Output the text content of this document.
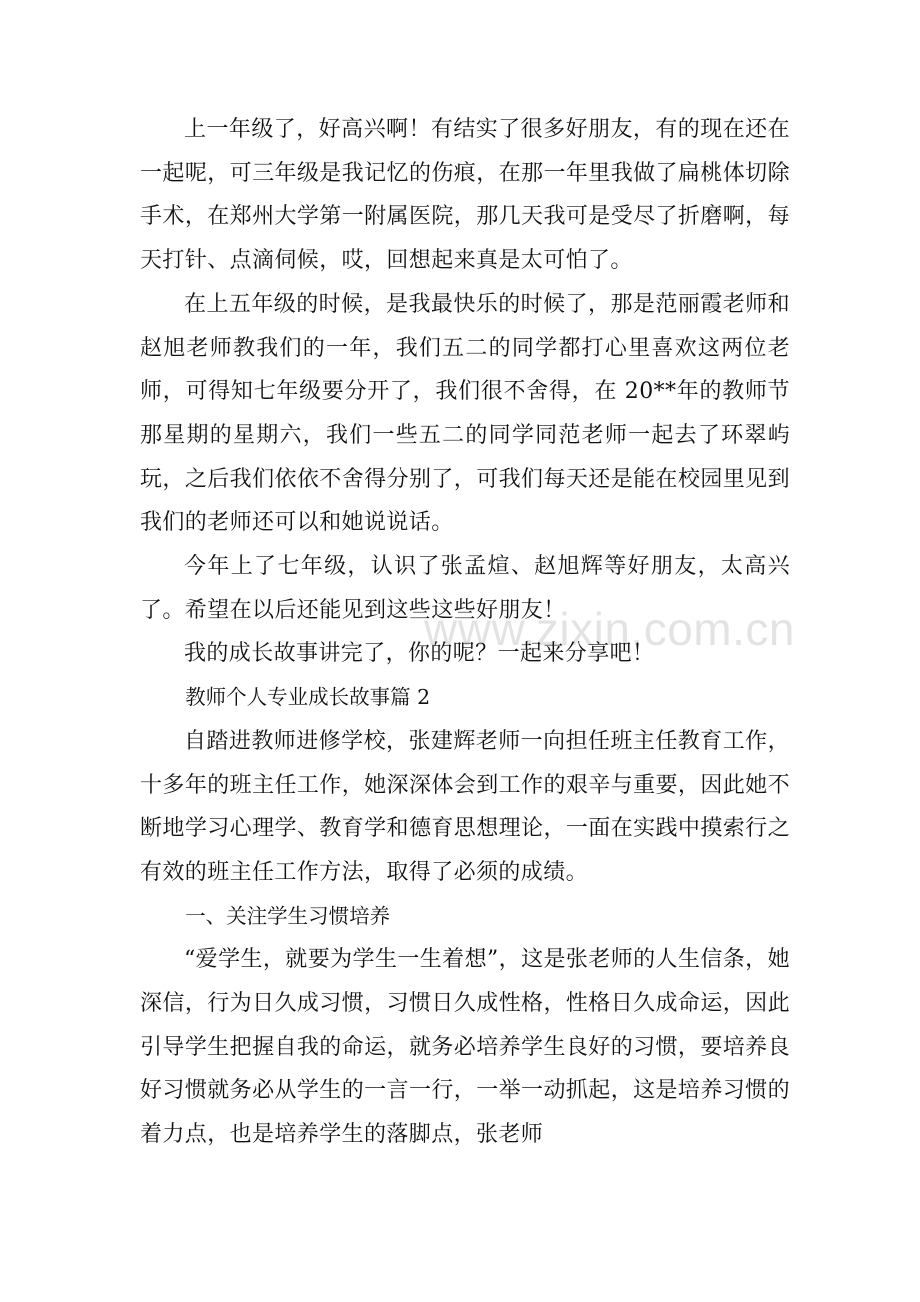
上一年级了，好高兴啊！有结实了很多好朋友，有的现在还在一起呢，可三年级是我记忆的伤痕，在那一年里我做了扁桃体切除手术，在郑州大学第一附属医院，那几天我可是受尽了折磨啊，每天打针、点滴伺候，哎，回想起来真是太可怕了。

在上五年级的时候，是我最快乐的时候了，那是范丽霞老师和赵旭老师教我们的一年，我们五二的同学都打心里喜欢这两位老师，可得知七年级要分开了，我们很不舍得，在 20**年的教师节那星期的星期六，我们一些五二的同学同范老师一起去了环翠屿玩，之后我们依依不舍得分别了，可我们每天还是能在校园里见到我们的老师还可以和她说说话。

今年上了七年级，认识了张孟煊、赵旭辉等好朋友，太高兴了。希望在以后还能见到这些这些好朋友！

我的成长故事讲完了，你的呢？一起来分享吧！

教师个人专业成长故事篇 2

自踏进教师进修学校，张建辉老师一向担任班主任教育工作，十多年的班主任工作，她深深体会到工作的艰辛与重要，因此她不断地学习心理学、教育学和德育思想理论，一面在实践中摸索行之有效的班主任工作方法，取得了必须的成绩。

一、关注学生习惯培养

“爱学生，就要为学生一生着想”，这是张老师的人生信条，她深信，行为日久成习惯，习惯日久成性格，性格日久成命运，因此引导学生把握自我的命运，就务必培养学生良好的习惯，要培养良好习惯就务必从学生的一言一行，一举一动抓起，这是培养习惯的着力点，也是培养学生的落脚点，张老师

www.zixin.com.cn
